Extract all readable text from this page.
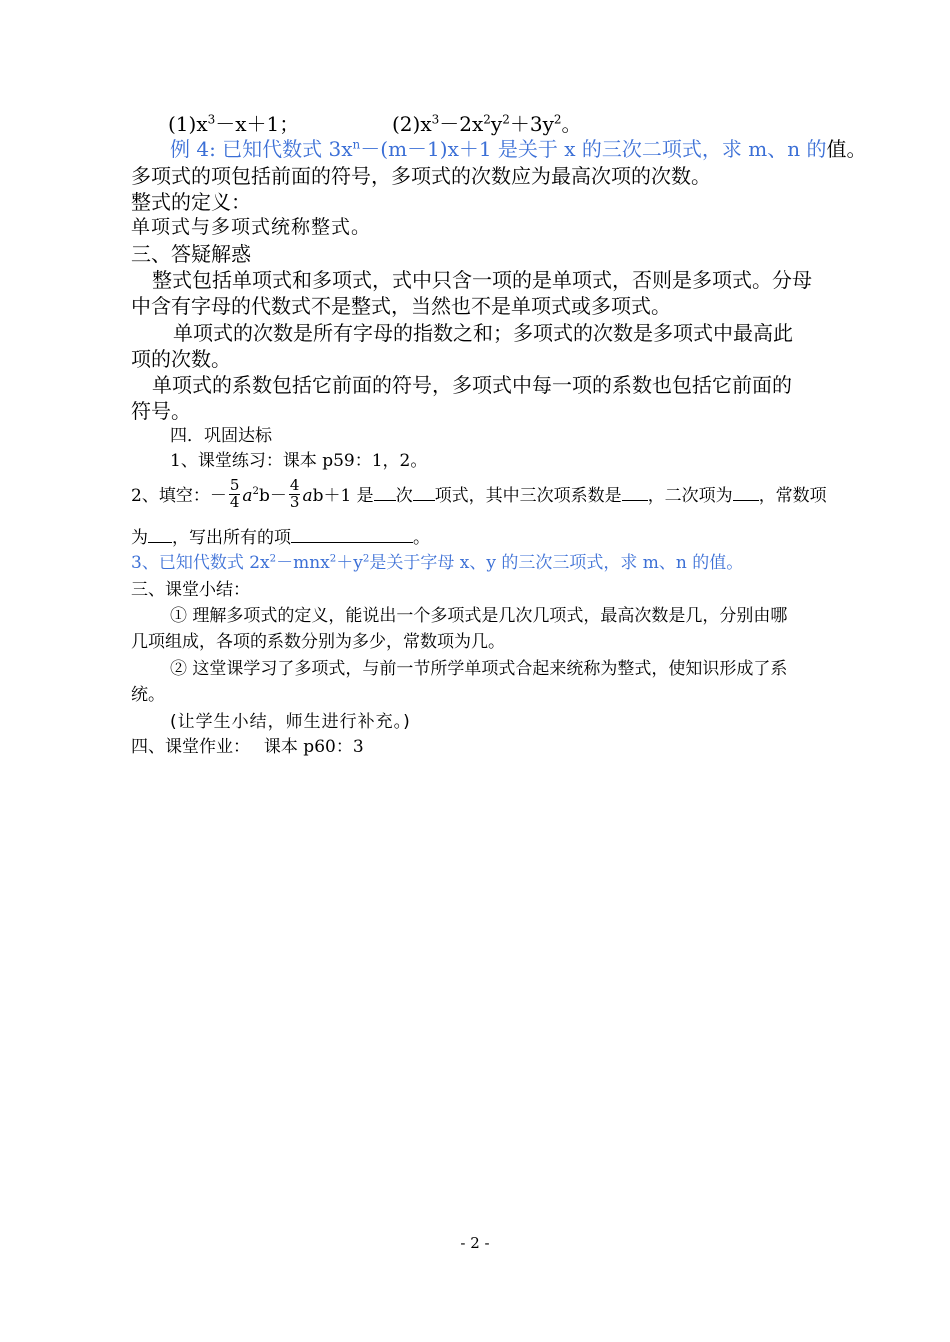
$(1)x^3-x+1$；	$(2)x^3-2x^2y^2+3y^2$。
例 4: 已知代数式 $3x^n-(m-1)x+1$ 是关于 x 的三次二项式，求 m、n 的值。
多项式的项包括前面的符号，多项式的次数应为最高次项的次数。
整式的定义：
单项式与多项式统称整式。
三、答疑解惑
整式包括单项式和多项式，式中只含一项的是单项式，否则是多项式。分母
中含有字母的代数式不是整式，当然也不是单项式或多项式。
单项式的次数是所有字母的指数之和；多项式的次数是多项式中最高此
项的次数。
单项式的系数包括它前面的符号，多项式中每一项的系数也包括它前面的
符号。
四．巩固达标
1、课堂练习：课本 p59：1，2。
2、填空：－ $\frac{5}{4} a^2b- \frac{4}{3} ab+1$ 是 次 项式，其中三次项系数是 ，二次项为 ，常数项
为 ，写出所有的项	。
3、已知代数式 $2x^2-mnx^2+y^2$是关于字母 x、y 的三次三项式，求 m、n 的值。
三、课堂小结：
① 理解多项式的定义，能说出一个多项式是几次几项式，最高次数是几，分别由哪
几项组成，各项的系数分别为多少，常数项为几。
② 这堂课学习了多项式，与前一节所学单项式合起来统称为整式，使知识形成了系
统。
(让学生小结，师生进行补充。)
四、课堂作业：　 课本 p60：3
- 2 -
